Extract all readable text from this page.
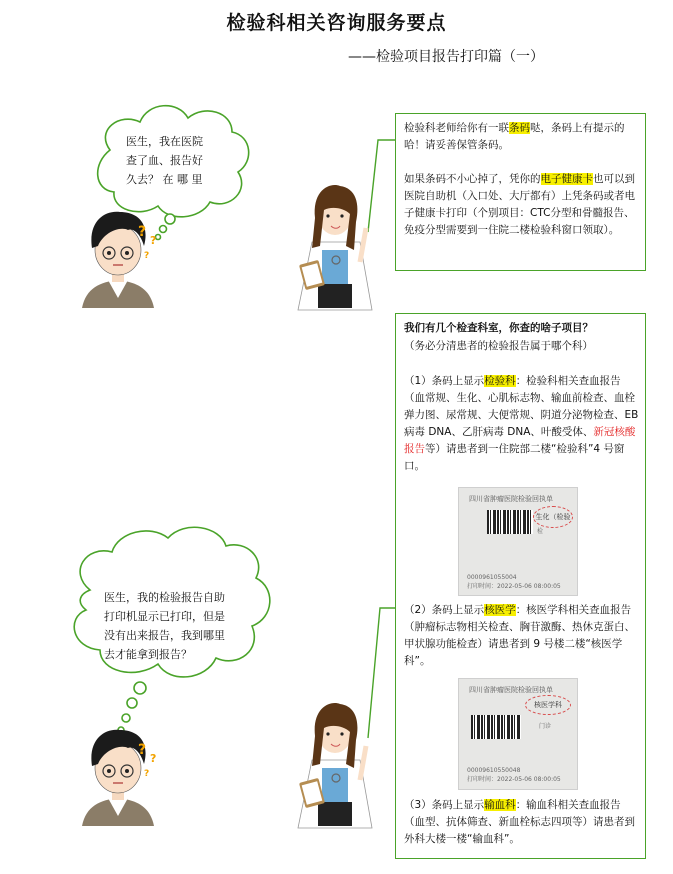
检验科相关咨询服务要点
——检验项目报告打印篇（一）
?
?
?
?
?
?
医生，我在医院
查了血、报告好
久去？ 在 哪 里
医生，我的检验报告自助
打印机显示已打印，但是
没有出来报告，我到哪里
去才能拿到报告？

检验科老师给你有一联条码哒，条码上有提示的哈！请妥善保管条码。

如果条码不小心掉了，凭你的电子健康卡也可以到医院自助机（入口处、大厅都有）上凭条码或者电子健康卡打印（个别项目：CTC分型和骨髓报告、免疫分型需要到一住院二楼检验科窗口领取）。

我们有几个检查科室，你查的啥子项目？

（务必分清患者的检验报告属于哪个科）

（1）条码上显示检验科：检验科相关查血报告（血常规、生化、心肌标志物、输血前检查、血栓弹力图、尿常规、大便常规、阴道分泌物检查、EB 病毒 DNA、乙肝病毒 DNA、叶酸受体、新冠核酸报告等）请患者到一住院部二楼“检验科”4 号窗口。

四川省肿瘤医院检验回执单
生化（检验
检
0000961055004
打印时间：2022-05-06 08:00:05

（2）条码上显示核医学：核医学科相关查血报告（肿瘤标志物相关检查、胸苷激酶、热休克蛋白、甲状腺功能检查）请患者到 9 号楼二楼“核医学科”。

四川省肿瘤医院检验回执单
核医学科
门诊
00009610550048
打印时间：2022-05-06 08:00:05

（3）条码上显示输血科：输血科相关查血报告（血型、抗体筛查、新血栓标志四项等）请患者到外科大楼一楼“输血科”。
